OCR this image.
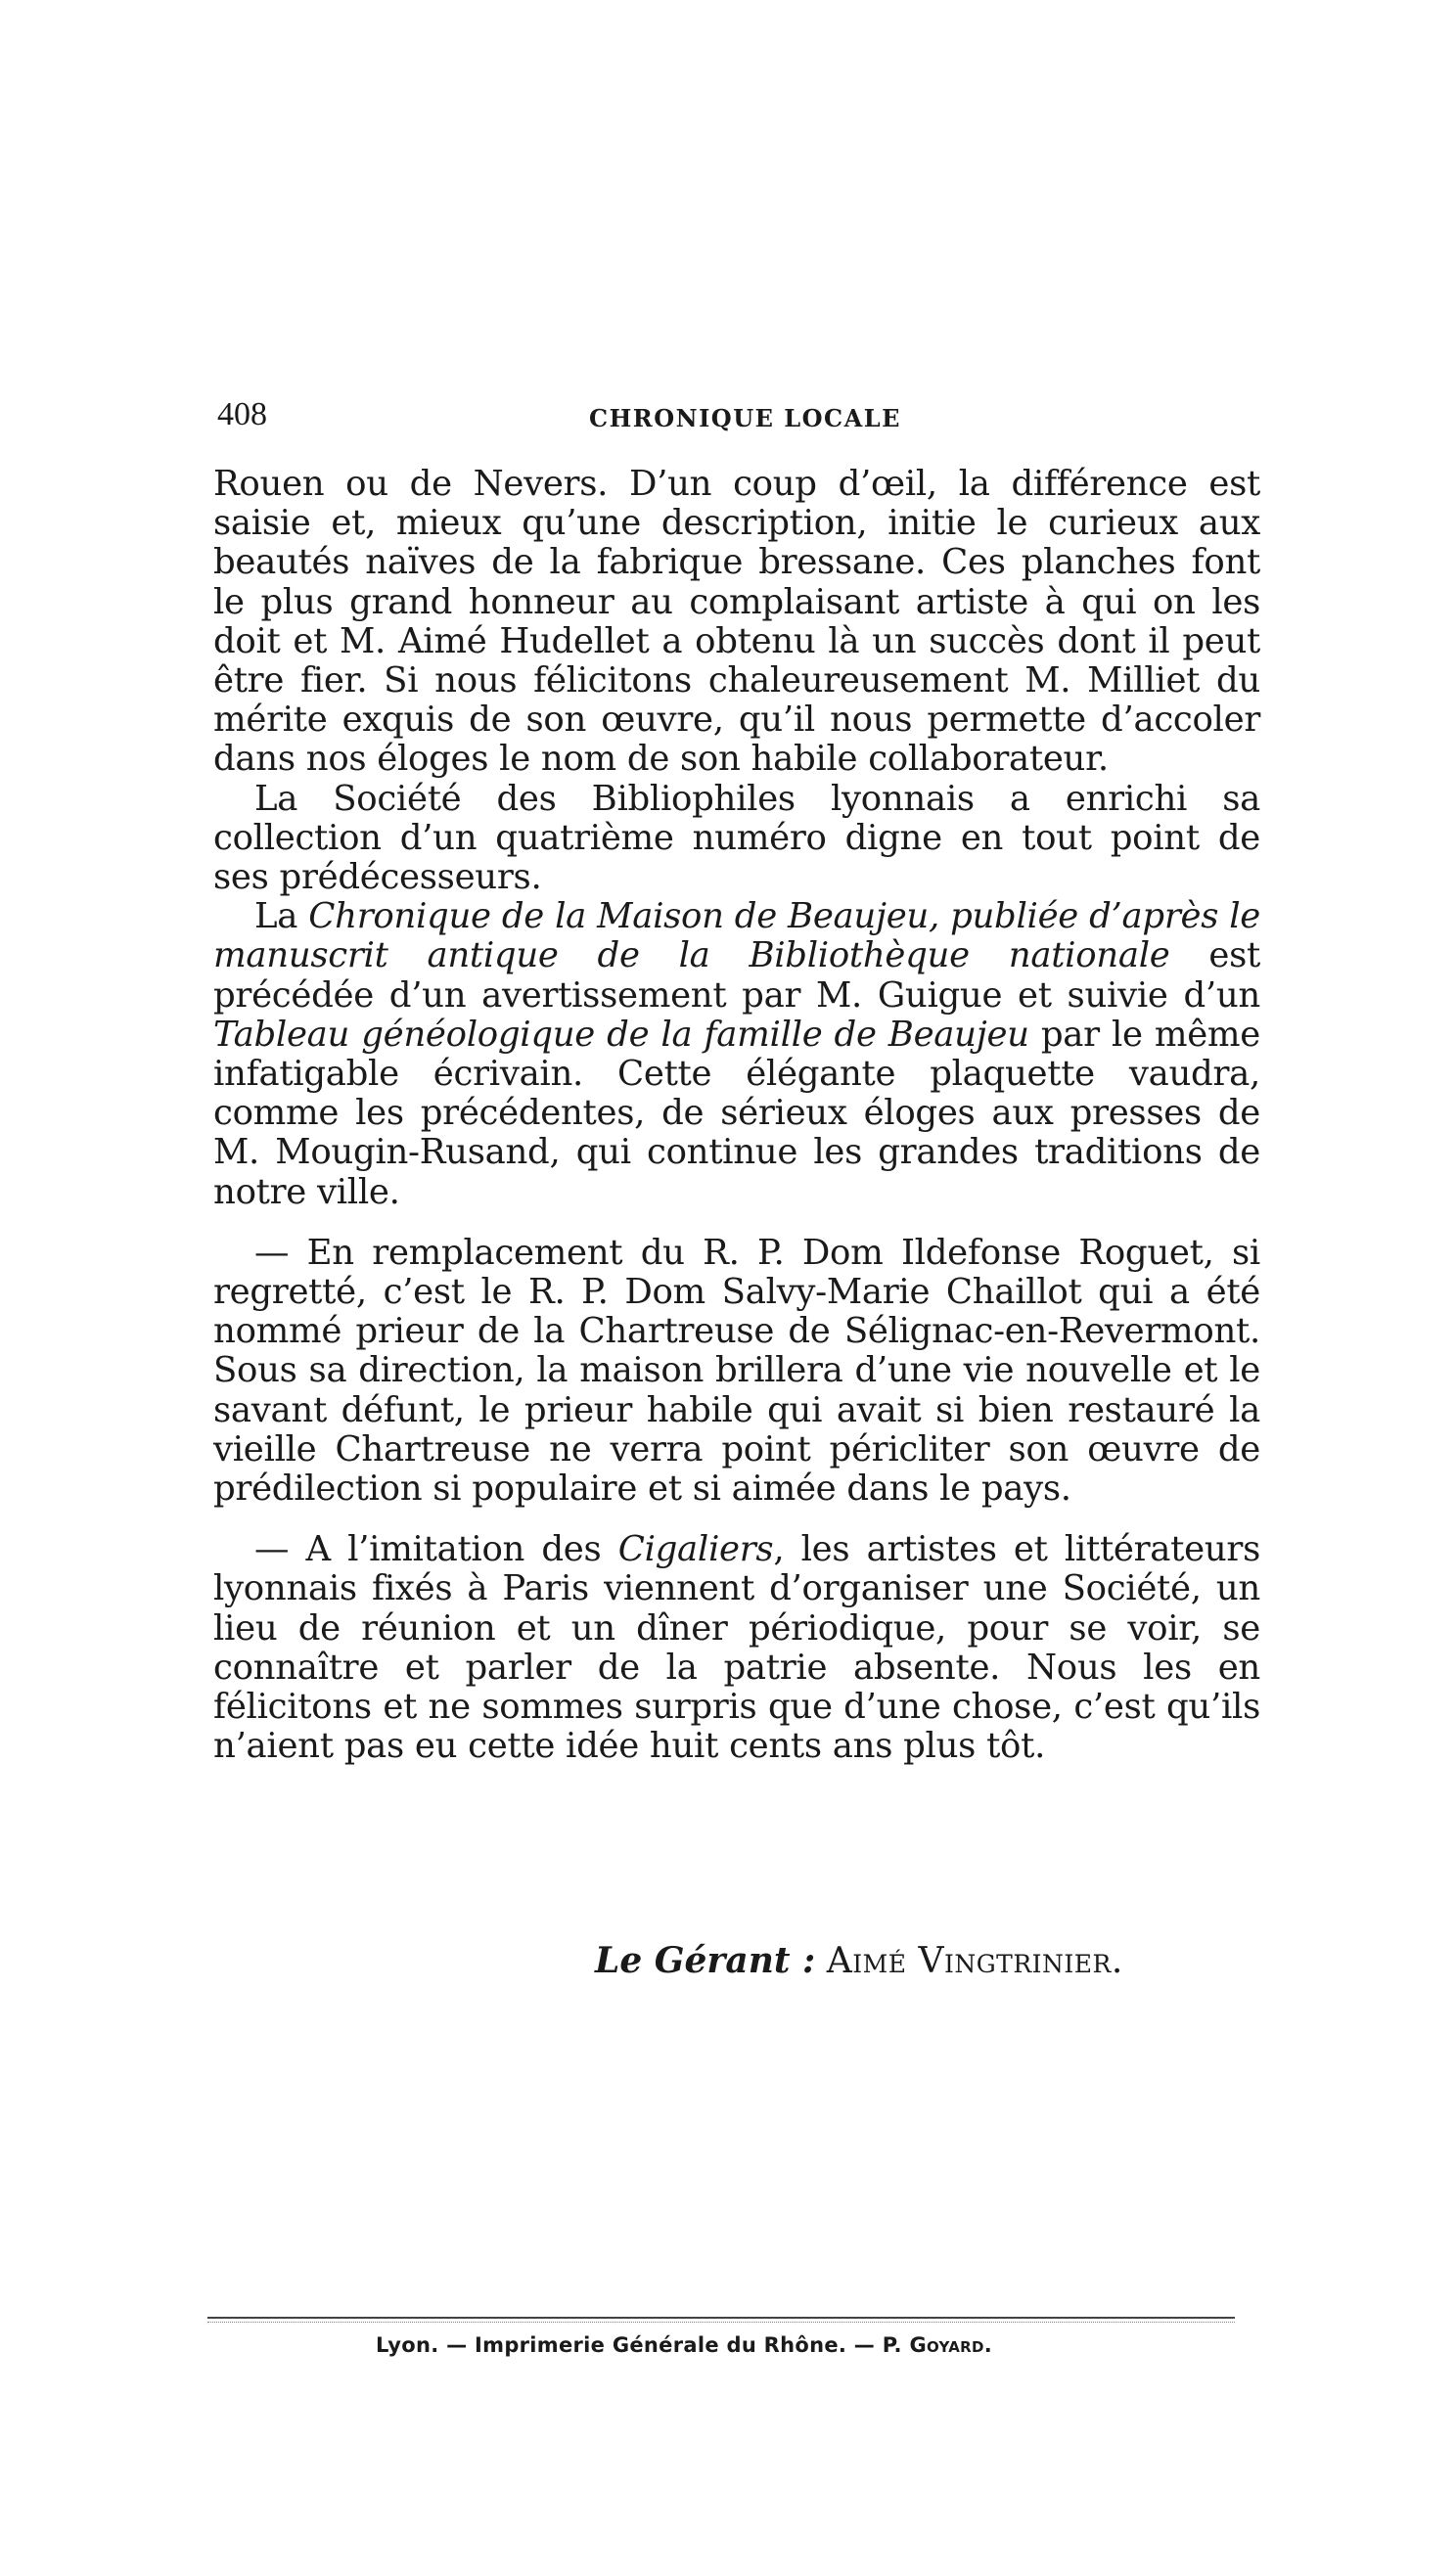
408	CHRONIQUE LOCALE

Rouen ou de Nevers. D’un coup d’œil, la différence est saisie et, mieux qu’une description, initie le curieux aux beautés naïves de la fabrique bressane. Ces planches font le plus grand honneur au complaisant artiste à qui on les doit et M. Aimé Hudellet a obtenu là un succès dont il peut être fier. Si nous félicitons chaleureusement M. Milliet du mérite exquis de son œuvre, qu’il nous permette d’accoler dans nos éloges le nom de son habile collaborateur.

La Société des Bibliophiles lyonnais a enrichi sa collection d’un quatrième numéro digne en tout point de ses prédécesseurs.

La Chronique de la Maison de Beaujeu, publiée d’après le manuscrit antique de la Bibliothèque nationale est précédée d’un avertissement par M. Guigue et suivie d’un Tableau généologique de la famille de Beaujeu par le même infatigable écrivain. Cette élégante plaquette vaudra, comme les précédentes, de sérieux éloges aux presses de M. Mougin-Rusand, qui continue les grandes traditions de notre ville.

— En remplacement du R. P. Dom Ildefonse Roguet, si regretté, c’est le R. P. Dom Salvy-Marie Chaillot qui a été nommé prieur de la Chartreuse de Sélignac-en-Revermont. Sous sa direction, la maison brillera d’une vie nouvelle et le savant défunt, le prieur habile qui avait si bien restauré la vieille Chartreuse ne verra point péricliter son œuvre de prédilection si populaire et si aimée dans le pays.

— A l’imitation des Cigaliers, les artistes et littérateurs lyonnais fixés à Paris viennent d’organiser une Société, un lieu de réunion et un dîner périodique, pour se voir, se connaître et parler de la patrie absente. Nous les en félicitons et ne sommes surpris que d’une chose, c’est qu’ils n’aient pas eu cette idée huit cents ans plus tôt.

Le Gérant : Aimé Vingtrinier.
Lyon. — Imprimerie Générale du Rhône. — P. Goyard.
